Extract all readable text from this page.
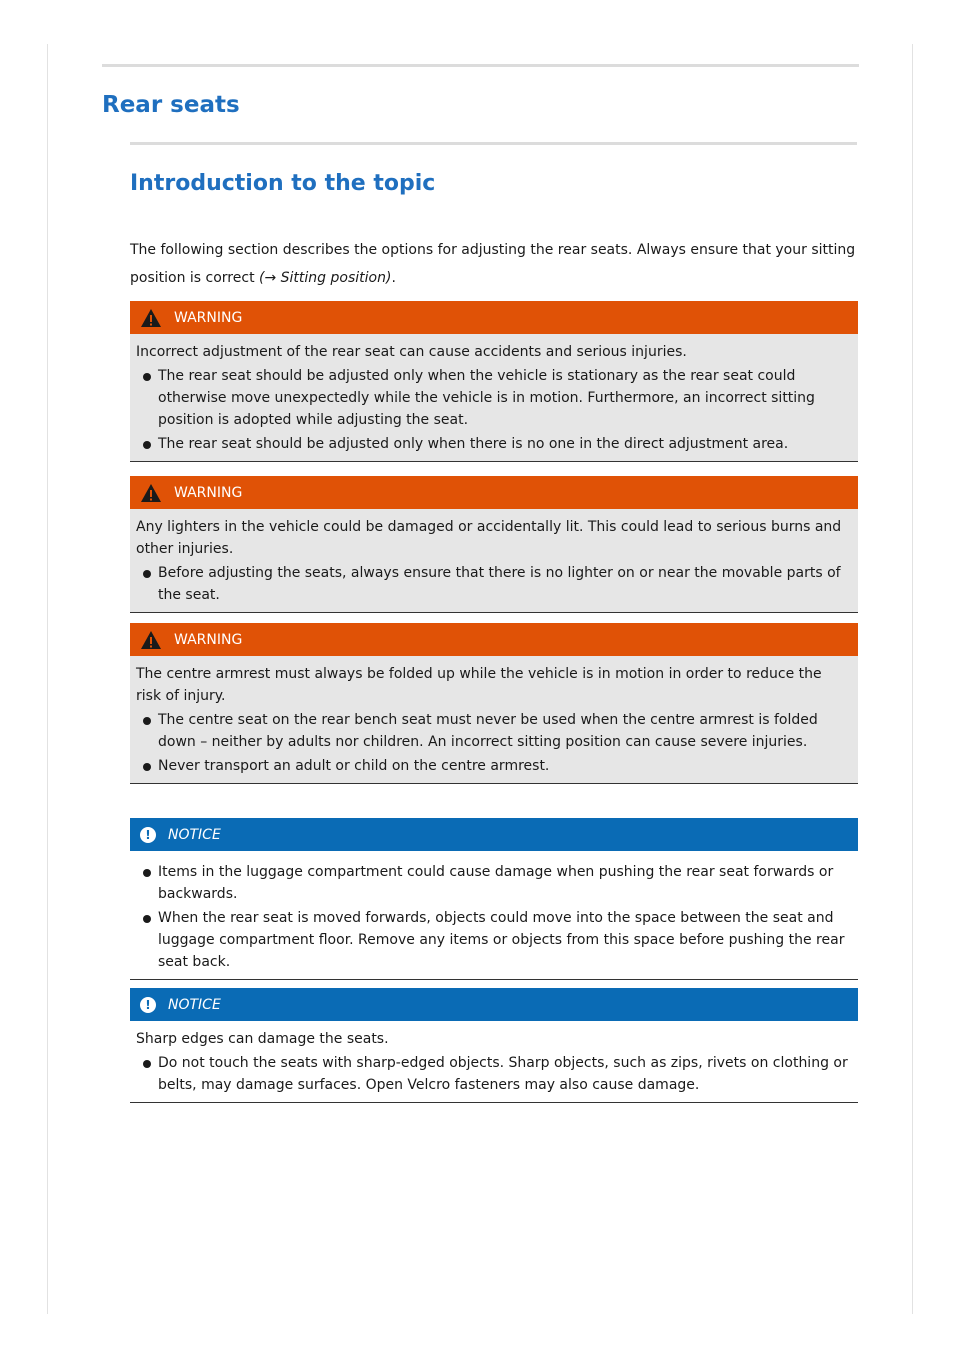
Rear seats
Introduction to the topic

The following section describes the options for adjusting the rear seats. Always ensure that your sitting position is correct (→ Sitting position).

WARNING

Incorrect adjustment of the rear seat can cause accidents and serious injuries.

The rear seat should be adjusted only when the vehicle is stationary as the rear seat could otherwise move unexpectedly while the vehicle is in motion. Furthermore, an incorrect sitting position is adopted while adjusting the seat.
The rear seat should be adjusted only when there is no one in the direct adjustment area.
WARNING

Any lighters in the vehicle could be damaged or accidentally lit. This could lead to serious burns and other injuries.

Before adjusting the seats, always ensure that there is no lighter on or near the movable parts of the seat.
WARNING

The centre armrest must always be folded up while the vehicle is in motion in order to reduce the risk of injury.

The centre seat on the rear bench seat must never be used when the centre armrest is folded down – neither by adults nor children. An incorrect sitting position can cause severe injuries.
Never transport an adult or child on the centre armrest.
!	NOTICE
Items in the luggage compartment could cause damage when pushing the rear seat forwards or backwards.
When the rear seat is moved forwards, objects could move into the space between the seat and luggage compartment floor. Remove any items or objects from this space before pushing the rear seat back.
!	NOTICE

Sharp edges can damage the seats.

Do not touch the seats with sharp-edged objects. Sharp objects, such as zips, rivets on clothing or belts, may damage surfaces. Open Velcro fasteners may also cause damage.
